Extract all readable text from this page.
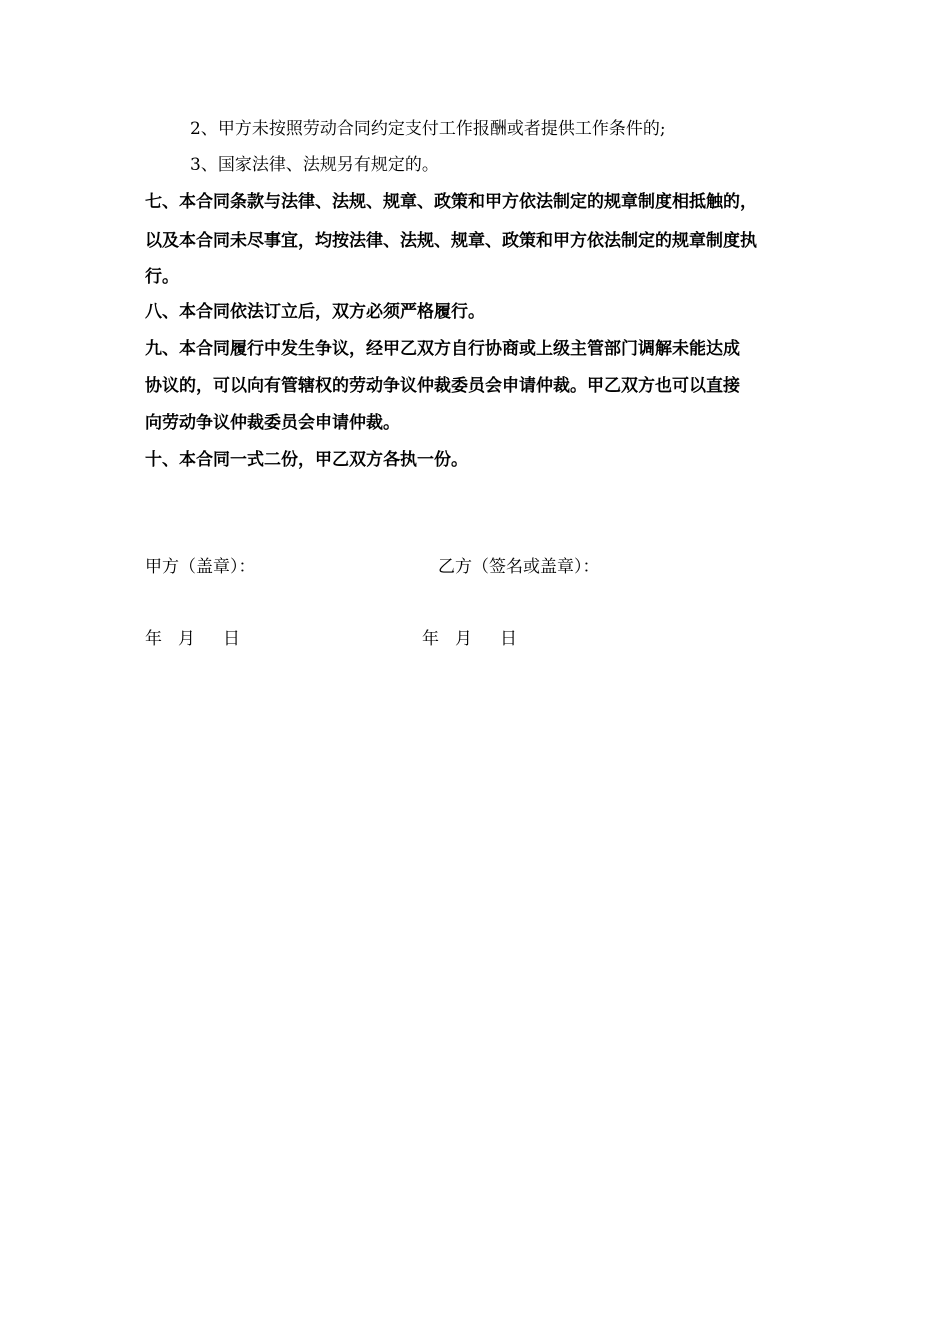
2、甲方未按照劳动合同约定支付工作报酬或者提供工作条件的;
3、国家法律、法规另有规定的。
七、本合同条款与法律、法规、规章、政策和甲方依法制定的规章制度相抵触的，
以及本合同未尽事宜，均按法律、法规、规章、政策和甲方依法制定的规章制度执
行。
八、本合同依法订立后，双方必须严格履行。
九、本合同履行中发生争议，经甲乙双方自行协商或上级主管部门调解未能达成
协议的，可以向有管辖权的劳动争议仲裁委员会申请仲裁。甲乙双方也可以直接
向劳动争议仲裁委员会申请仲裁。
十、本合同一式二份，甲乙双方各执一份。
甲方（盖章）：	乙方（签名或盖章）：
年 月 日	年 月 日
